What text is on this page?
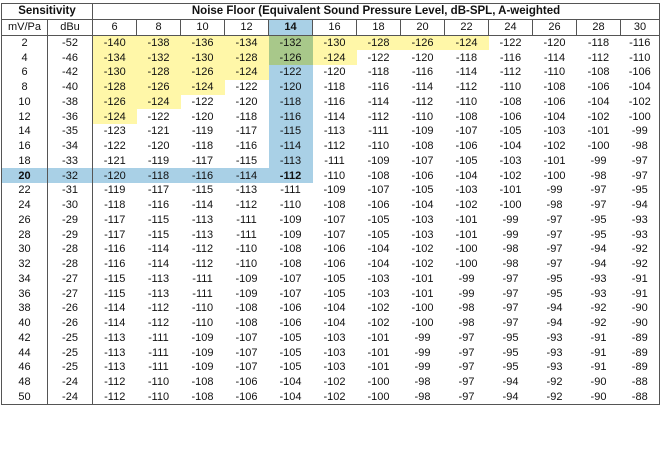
Sensitivity		Noise Floor (Equivalent Sound Pressure Level, dB-SPL, A-weighted												
mV/Pa	dBu	6	8	10	12	14	16	18	20	22	24	26	28	30
2	-52	-140	-138	-136	-134	-132	-130	-128	-126	-124	-122	-120	-118	-116
4	-46	-134	-132	-130	-128	-126	-124	-122	-120	-118	-116	-114	-112	-110
6	-42	-130	-128	-126	-124	-122	-120	-118	-116	-114	-112	-110	-108	-106
8	-40	-128	-126	-124	-122	-120	-118	-116	-114	-112	-110	-108	-106	-104
10	-38	-126	-124	-122	-120	-118	-116	-114	-112	-110	-108	-106	-104	-102
12	-36	-124	-122	-120	-118	-116	-114	-112	-110	-108	-106	-104	-102	-100
14	-35	-123	-121	-119	-117	-115	-113	-111	-109	-107	-105	-103	-101	-99
16	-34	-122	-120	-118	-116	-114	-112	-110	-108	-106	-104	-102	-100	-98
18	-33	-121	-119	-117	-115	-113	-111	-109	-107	-105	-103	-101	-99	-97
20	-32	-120	-118	-116	-114	-112	-110	-108	-106	-104	-102	-100	-98	-97
22	-31	-119	-117	-115	-113	-111	-109	-107	-105	-103	-101	-99	-97	-95
24	-30	-118	-116	-114	-112	-110	-108	-106	-104	-102	-100	-98	-97	-94
26	-29	-117	-115	-113	-111	-109	-107	-105	-103	-101	-99	-97	-95	-93
28	-29	-117	-115	-113	-111	-109	-107	-105	-103	-101	-99	-97	-95	-93
30	-28	-116	-114	-112	-110	-108	-106	-104	-102	-100	-98	-97	-94	-92
32	-28	-116	-114	-112	-110	-108	-106	-104	-102	-100	-98	-97	-94	-92
34	-27	-115	-113	-111	-109	-107	-105	-103	-101	-99	-97	-95	-93	-91
36	-27	-115	-113	-111	-109	-107	-105	-103	-101	-99	-97	-95	-93	-91
38	-26	-114	-112	-110	-108	-106	-104	-102	-100	-98	-97	-94	-92	-90
40	-26	-114	-112	-110	-108	-106	-104	-102	-100	-98	-97	-94	-92	-90
42	-25	-113	-111	-109	-107	-105	-103	-101	-99	-97	-95	-93	-91	-89
44	-25	-113	-111	-109	-107	-105	-103	-101	-99	-97	-95	-93	-91	-89
46	-25	-113	-111	-109	-107	-105	-103	-101	-99	-97	-95	-93	-91	-89
48	-24	-112	-110	-108	-106	-104	-102	-100	-98	-97	-94	-92	-90	-88
50	-24	-112	-110	-108	-106	-104	-102	-100	-98	-97	-94	-92	-90	-88
